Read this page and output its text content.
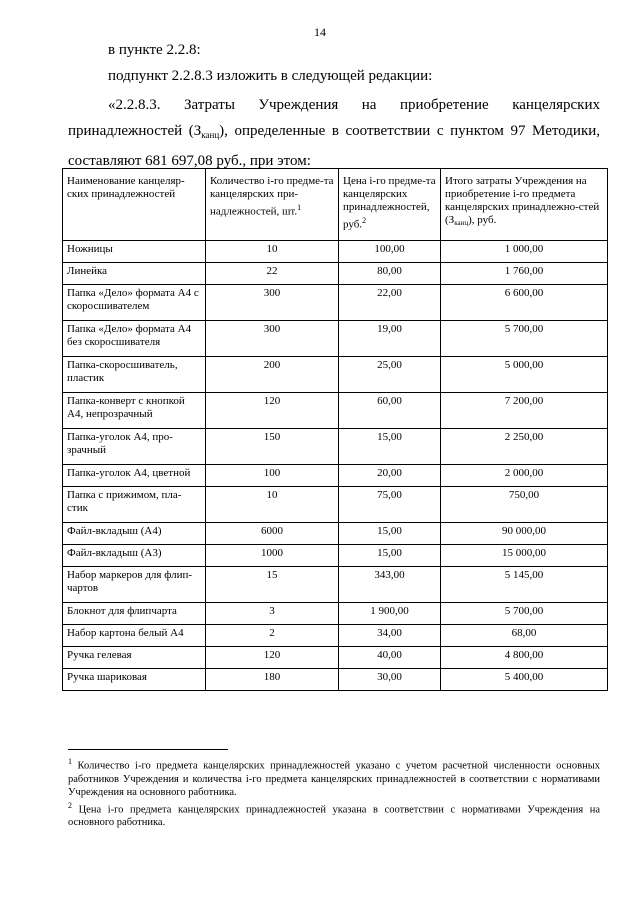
14
в пункте 2.2.8:
подпункт 2.2.8.3 изложить в следующей редакции:
«2.2.8.3. Затраты Учреждения на приобретение канцелярских
принадлежностей $(З_{канц})$, определенные в соответствии с пунктом 97 Методики,
составляют 681 697,08 руб., при этом:
Наименование канцеляр-ских принадлежностей	Количество i-го предме-та канцелярских при-надлежностей, шт.$^1$	Цена i-го предме-та канцелярских принадлежностей, руб.$^2$	Итого затраты Учреждения на приобретение i-го предмета канцелярских принадлежно-стей (Зканц), руб.
Ножницы	10	100,00	1 000,00
Линейка	22	80,00	1 760,00
Папка «Дело» формата А4 с скоросшивателем	300	22,00	6 600,00
Папка «Дело» формата А4 без скоросшивателя	300	19,00	5 700,00
Папка-скоросшиватель, пластик	200	25,00	5 000,00
Папка-конверт с кнопкой А4, непрозрачный	120	60,00	7 200,00
Папка-уголок А4, про-зрачный	150	15,00	2 250,00
Папка-уголок А4, цветной	100	20,00	2 000,00
Папка с прижимом, пла-стик	10	75,00	750,00
Файл-вкладыш (А4)	6000	15,00	90 000,00
Файл-вкладыш (А3)	1000	15,00	15 000,00
Набор маркеров для флип-чартов	15	343,00	5 145,00
Блокнот для флипчарта	3	1 900,00	5 700,00
Набор картона белый А4	2	34,00	68,00
Ручка гелевая	120	40,00	4 800,00
Ручка шариковая	180	30,00	5 400,00

$^1$ Количество i-го предмета канцелярских принадлежностей указано с учетом расчетной численности основных работников Учреждения и количества i-го предмета канцелярских принадлежностей в соответствии с нормативами Учреждения на основного работника.

$^2$ Цена i-го предмета канцелярских принадлежностей указана в соответствии с нормативами Учреждения на основного работника.
